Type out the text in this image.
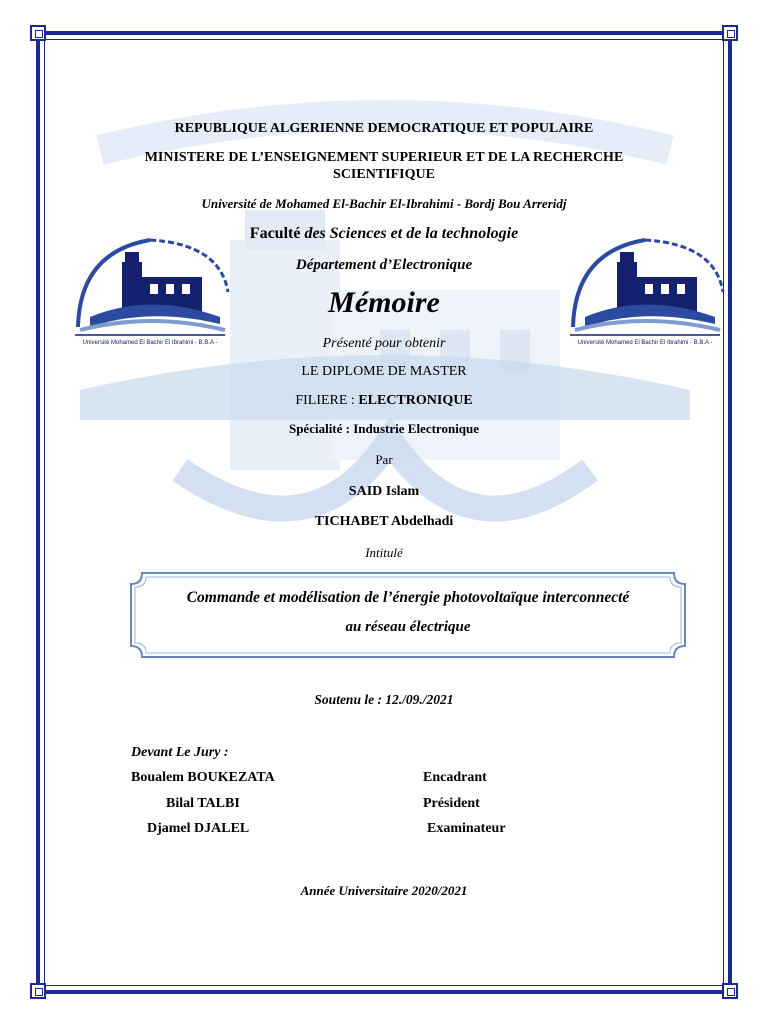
Université Mohamed El Bachir El Ibrahimi - B.B.A -	Université Mohamed El Bachir El Ibrahimi - B.B.A -
REPUBLIQUE ALGERIENNE DEMOCRATIQUE ET POPULAIRE
MINISTERE DE L’ENSEIGNEMENT SUPERIEUR ET DE LA RECHERCHE
SCIENTIFIQUE
Université de Mohamed El-Bachir El-Ibrahimi - Bordj Bou Arreridj
Faculté des Sciences et de la technologie
Département d’Electronique
Mémoire
Présenté pour obtenir
LE DIPLOME DE MASTER
FILIERE : ELECTRONIQUE
Spécialité : Industrie Electronique
Par
SAID Islam
TICHABET Abdelhadi
Intitulé
Commande et modélisation de l’énergie photovoltaïque interconnecté
au réseau électrique
Soutenu le : 12./09./2021
Devant Le Jury :
Boualem BOUKEZATA	Encadrant
Bilal TALBI	Président
Djamel DJALEL	Examinateur
Année Universitaire 2020/2021
